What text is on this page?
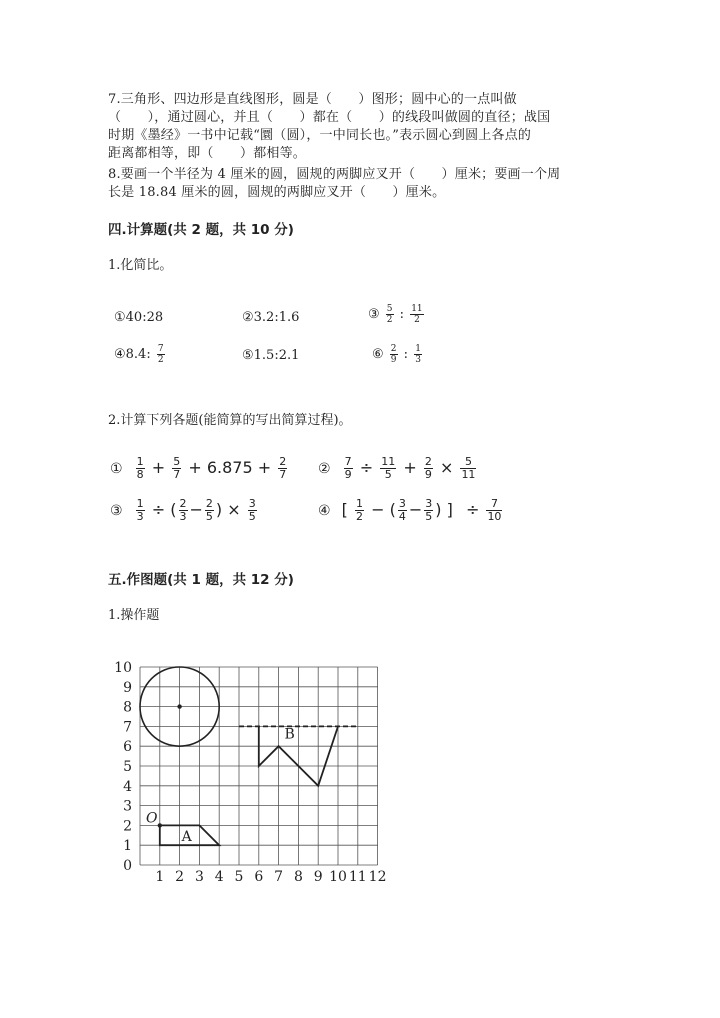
7.三角形、四边形是直线图形，圆是（　　）图形；圆中心的一点叫做
（　　），通过圆心，并且（　　）都在（　　）的线段叫做圆的直径；战国
时期《墨经》一书中记载“圜（圆），一中同长也。”表示圆心到圆上各点的
距离都相等，即（　　）都相等。
8.要画一个半径为 4 厘米的圆，圆规的两脚应叉开（　　）厘米；要画一个周
长是 18.84 厘米的圆，圆规的两脚应叉开（　　）厘米。
四.计算题(共 2 题，共 10 分)
1.化简比。
①40:28	②3.2:1.6	③ $\frac{5}{2}$ : $\frac{11}{2}$
④8.4: $\frac{7}{2}$	⑤1.5:2.1	⑥ $\frac{2}{9}$ : $\frac{1}{3}$
2.计算下列各题(能简算的写出简算过程)。
① $\frac{1}{8} + \frac{5}{7} + 6.875 + \frac{2}{7}$ ② $\frac{7}{9} \div \frac{11}{5} + \frac{2}{9} \times \frac{5}{11}$
③ $\frac{1}{3}$ ÷ ( $\frac{2}{3} - \frac{2}{5}$ ) × $\frac{3}{5}$	④ [ $\frac{1}{2}$ − ( $\frac{3}{4} - \frac{3}{5}$ ) ] ÷ $\frac{7}{10}$
五.作图题(共 1 题，共 12 分)
1.操作题
1 2 3 4 5 6 7 8 9 10 11 12
0
1
2
3
4
5
6
7
8
9
10
O
A
B
